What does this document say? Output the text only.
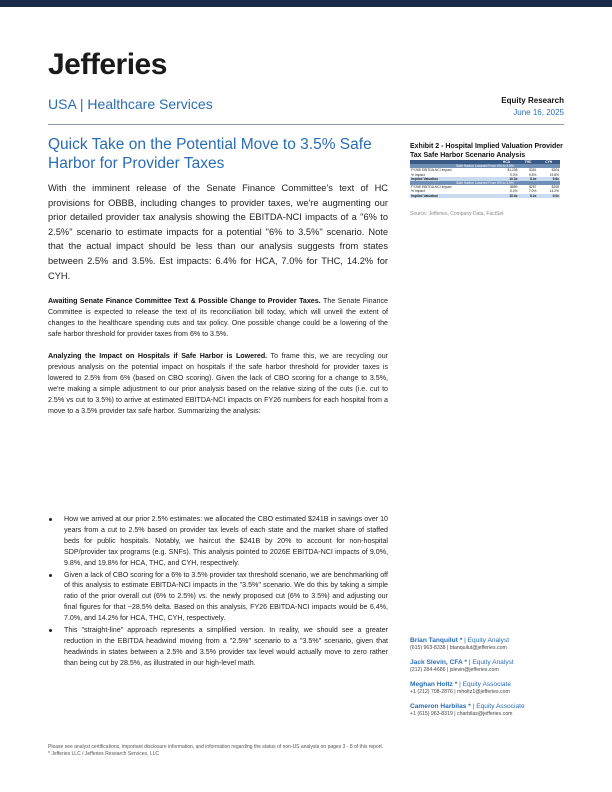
Jefferies
USA | Healthcare Services	Equity Research
June 16, 2025
Quick Take on the Potential Move to 3.5% Safe Harbor for Provider Taxes
With the imminent release of the Senate Finance Committee's text of HC provisions for OBBB, including changes to provider taxes, we're augmenting our prior detailed provider tax analysis showing the EBITDA-NCI impacts of a "6% to 2.5%" scenario to estimate impacts for a potential "6% to 3.5%" scenario. Note that the actual impact should be less than our analysis suggests from states between 2.5% and 3.5%. Est impacts: 6.4% for HCA, 7.0% for THC, 14.2% for CYH.
Awaiting Senate Finance Committee Text & Possible Change to Provider Taxes. The Senate Finance Committee is expected to release the text of its reconciliation bill today, which will unveil the extent of changes to the healthcare spending cuts and tax policy. One possible change could be a lowering of the safe harbor threshold for provider taxes from 6% to 3.5%.
Analyzing the Impact on Hospitals if Safe Harbor is Lowered. To frame this, we are recycling our previous analysis on the potential impact on hospitals if the safe harbor threshold for provider taxes is lowered to 2.5% from 6% (based on CBO scoring). Given the lack of CBO scoring for a change to 3.5%, we're making a simple adjustment to our prior analysis based on the relative sizing of the cuts (i.e. cut to 2.5% vs cut to 3.5%) to arrive at estimated EBITDA-NCI impacts on FY26 numbers for each hospital from a move to a 3.5% provider tax safe harbor. Summarizing the analysis:
How we arrived at our prior 2.5% estimates: we allocated the CBO estimated $241B in savings over 10 years from a cut to 2.5% based on provider tax levels of each state and the market share of staffed beds for public hospitals. Notably, we haircut the $241B by 20% to account for non-hospital SDP/provider tax programs (e.g. SNFs). This analysis pointed to 2026E EBITDA-NCI impacts of 9.0%, 9.8%, and 19.8% for HCA, THC, and CYH, respectively.
Given a lack of CBO scoring for a 6% to 3.5% provider tax threshold scenario, we are benchmarking off of this analysis to estimate EBITDA-NCI impacts in the "3.5%" scenario. We do this by taking a simple ratio of the prior overall cut (6% to 2.5%) vs. the newly proposed cut (6% to 3.5%) and adjusting our final figures for that ~28.5% delta. Based on this analysis, FY26 EBITDA-NCI impacts would be 6.4%, 7.0%, and 14.2% for HCA, THC, CYH, respectively.
This "straight-line" approach represents a simplified version. In reality, we should see a greater reduction in the EBITDA headwind moving from a "2.5%" scenario to a "3.5%" scenario, given that headwinds in states between a 2.5% and 3.5% provider tax level would actually move to zero rather than being cut by 28.5%, as illustrated in our high-level math.
Exhibit 2 - Hospital Implied Valuation Provider Tax Safe Harbor Scenario Analysis
	HCA	THC	CYH
Safe Harbor Lowered From 6% to 2.5%			
FY26E EBITDA-NCI Impact	$1,208	$351	$304
% Impact	9.0%	9.8%	19.8%
Implied Valuation	10.3x	8.4x	9.6x
Safe Harbor Lowered From 6% to 3.5%			
FY26E EBITDA-NCI Impact	$859	$257	$208
% Impact	6.4%	7.0%	14.2%
Implied Valuation	10.0x	8.2x	9.0x
Source: Jefferies, Company Data, FactSet
Brian Tanquilut * | Equity Analyst
(615) 963-8338 | btanquilut@jefferies.com
Jack Slevin, CFA * | Equity Analyst
(212) 284-4686 | jslevin@jefferies.com
Meghan Holtz * | Equity Associate
+1 (212) 708-2876 | mholtz1@jefferies.com
Cameron Harbilas * | Equity Associate
+1 (615) 963-8319 | charbilas@jefferies.com
Please see analyst certifications, important disclosure information, and information regarding the status of non-US analysts on pages 3 - 8 of this report.
* Jefferies LLC / Jefferies Research Services, LLC
